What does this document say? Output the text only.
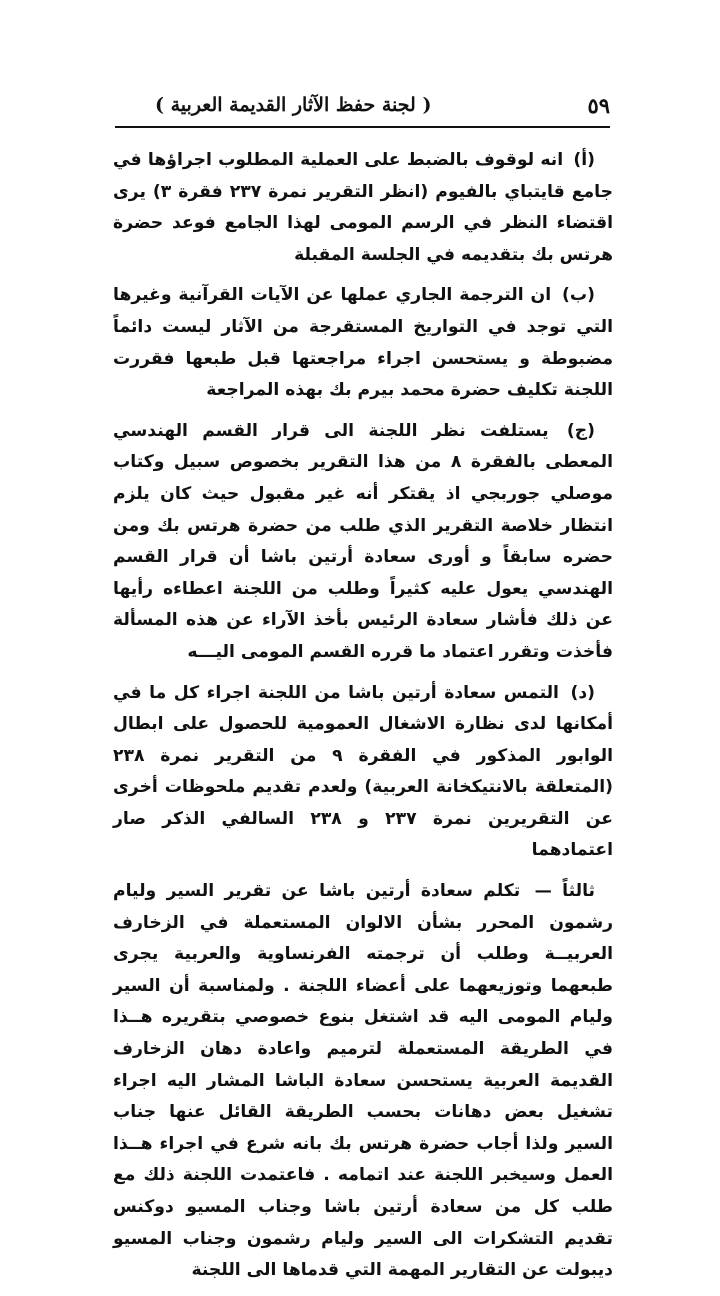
٥٩
( لجنة حفظ الآثار القديمة العربية )

(أ) انه لوقوف بالضبط على العملية المطلوب اجراؤها في جامع قايتباي بالفيوم (انظر التقرير نمرة ٢٣٧ فقرة ٣) يرى اقتضاء النظر في الرسم المومى لهذا الجامع فوعد حضرة هرتس بك بتقديمه في الجلسة المقبلة

(ب) ان الترجمة الجاري عملها عن الآيات القرآنية وغيرها التي توجد في التواريخ المستقرجة من الآثار ليست دائماً مضبوطة و يستحسن اجراء مراجعتها قبل طبعها فقررت اللجنة تكليف حضرة محمد بيرم بك بهذه المراجعة

(ج) يستلفت نظر اللجنة الى قرار القسم الهندسي المعطى بالفقرة ٨ من هذا التقرير بخصوص سبيل وكتاب موصلي جوربجي اذ يقتكر أنه غير مقبول حيث كان يلزم انتظار خلاصة التقرير الذي طلب من حضرة هرتس بك ومن حضره سابقاً و أورى سعادة أرتين باشا أن قرار القسم الهندسي يعول عليه كثيراً وطلب من اللجنة اعطاءه رأيها عن ذلك فأشار سعادة الرئيس بأخذ الآراء عن هذه المسألة فأخذت وتقرر اعتماد ما قرره القسم المومى اليـــه

(د) التمس سعادة أرتين باشا من اللجنة اجراء كل ما في أمكانها لدى نظارة الاشغال العمومية للحصول على ابطال الوابور المذكور في الفقرة ٩ من التقرير نمرة ٢٣٨ (المتعلقة بالانتيكخانة العربية) ولعدم تقديم ملحوظات أخرى عن التقريرين نمرة ٢٣٧ و ٢٣٨ السالفي الذكر صار اعتمادهما

ثالثاً — تكلم سعادة أرتين باشا عن تقرير السير وليام رشمون المحرر بشأن الالوان المستعملة في الزخارف العربيــة وطلب أن ترجمته الفرنساوية والعربية يجرى طبعهما وتوزيعهما على أعضاء اللجنة . ولمناسبة أن السير وليام المومى اليه قد اشتغل بنوع خصوصي بتقريره هــذا في الطريقة المستعملة لترميم واعادة دهان الزخارف القديمة العربية يستحسن سعادة الباشا المشار اليه اجراء تشغيل بعض دهانات بحسب الطريقة القائل عنها جناب السير ولذا أجاب حضرة هرتس بك بانه شرع في اجراء هــذا العمل وسيخبر اللجنة عند اتمامه . فاعتمدت اللجنة ذلك مع طلب كل من سعادة أرتين باشا وجناب المسيو دوكنس تقديم التشكرات الى السير وليام رشمون وجناب المسيو ديبولت عن التقارير المهمة التي قدماها الى اللجنة
